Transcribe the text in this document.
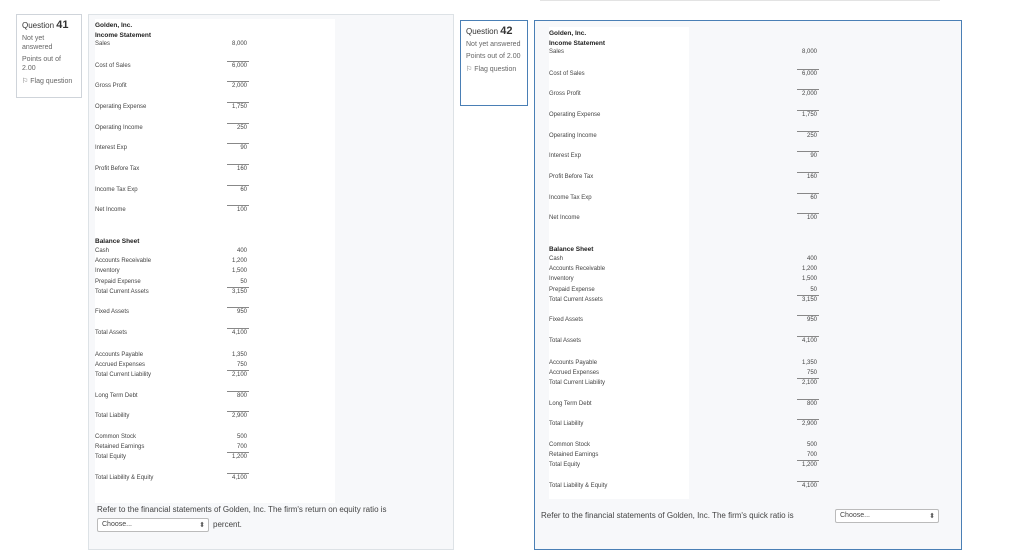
Question 41
Not yet answered
Points out of 2.00
⚐ Flag question
Golden, Inc.
Income Statement
Sales	8,000
Cost of Sales	6,000
Gross Profit	2,000
Operating Expense	1,750
Operating Income	250
Interest Exp	90
Profit Before Tax	160
Income Tax Exp	60
Net Income	100
Balance Sheet
Cash	400
Accounts Receivable	1,200
Inventory	1,500
Prepaid Expense	50
Total Current Assets	3,150
Fixed Assets	950
Total Assets	4,100
Accounts Payable	1,350
Accrued Expenses	750
Total Current Liability	2,100
Long Term Debt	800
Total Liability	2,900
Common Stock	500
Retained Earnings	700
Total Equity	1,200
Total Liability & Equity	4,100
Refer to the financial statements of Golden, Inc. The firm's return on equity ratio is
Choose...	⬍ percent.
Question 42
Not yet answered
Points out of 2.00
⚐ Flag question
Golden, Inc.
Income Statement
Sales	8,000
Cost of Sales	6,000
Gross Profit	2,000
Operating Expense	1,750
Operating Income	250
Interest Exp	90
Profit Before Tax	160
Income Tax Exp	60
Net Income	100
Balance Sheet
Cash	400
Accounts Receivable	1,200
Inventory	1,500
Prepaid Expense	50
Total Current Assets	3,150
Fixed Assets	950
Total Assets	4,100
Accounts Payable	1,350
Accrued Expenses	750
Total Current Liability	2,100
Long Term Debt	800
Total Liability	2,900
Common Stock	500
Retained Earnings	700
Total Equity	1,200
Total Liability & Equity	4,100
Refer to the financial statements of Golden, Inc. The firm's quick ratio is	Choose...	⬍
